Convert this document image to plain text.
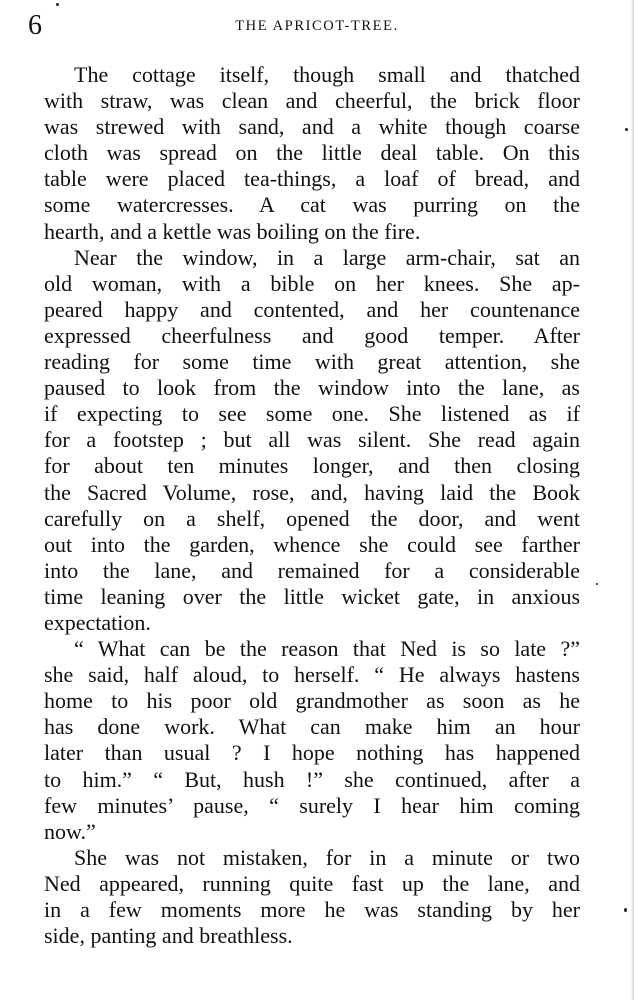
6	THE APRICOT-TREE.

The cottage itself, though small and thatched
with straw, was clean and cheerful, the brick floor
was strewed with sand, and a white though coarse
cloth was spread on the little deal table. On this
table were placed tea-things, a loaf of bread, and
some watercresses. A cat was purring on the
hearth, and a kettle was boiling on the fire.

Near the window, in a large arm-chair, sat an
old woman, with a bible on her knees. She ap-
peared happy and contented, and her countenance
expressed cheerfulness and good temper. After
reading for some time with great attention, she
paused to look from the window into the lane, as
if expecting to see some one. She listened as if
for a footstep ; but all was silent. She read again
for about ten minutes longer, and then closing
the Sacred Volume, rose, and, having laid the Book
carefully on a shelf, opened the door, and went
out into the garden, whence she could see farther
into the lane, and remained for a considerable
time leaning over the little wicket gate, in anxious
expectation.

“ What can be the reason that Ned is so late ?”
she said, half aloud, to herself. “ He always hastens
home to his poor old grandmother as soon as he
has done work. What can make him an hour
later than usual ? I hope nothing has happened
to him.” “ But, hush !” she continued, after a
few minutes’ pause, “ surely I hear him coming
now.”

She was not mistaken, for in a minute or two
Ned appeared, running quite fast up the lane, and
in a few moments more he was standing by her
side, panting and breathless.
